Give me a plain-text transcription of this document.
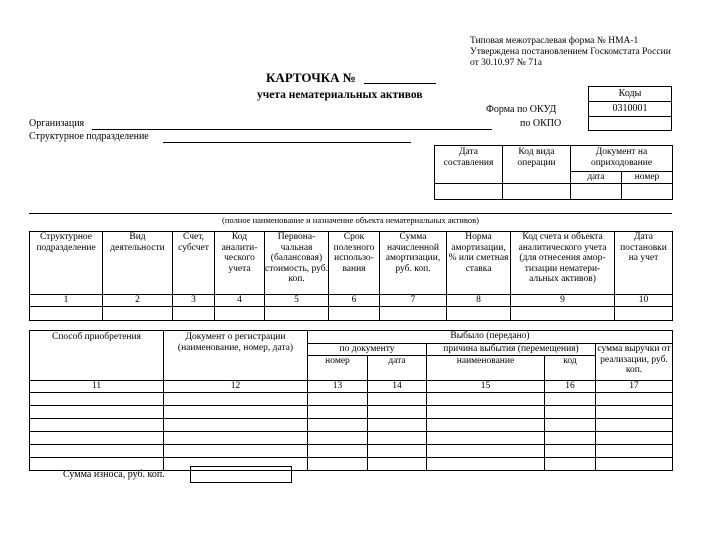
Типовая межотраслевая форма № НМА-1
Утверждена постановлением Госкомстата России
от 30.10.97 № 71а
КАРТОЧКА №
учета нематериальных активов	Коды
0310001
Форма по ОКУД
по ОКПО
Организация
Структурное подразделение
Дата составления	Код вида операции	Документ на оприходование	
		дата	номер

(полное наименование и назначение объекта нематериальных активов)
Структурное подразделение	Вид деятельности	Счет, субсчет	Код аналити-ческого учета	Первона-чальная (балансовая) стоимость, руб. коп.	Срок полезного использо-вания	Сумма начисленной амортизации, руб. коп.	Норма амортизации, % или сметная ставка	Код счета и объекта аналитического учета (для отнесения амор-тизации нематери-альных активов)	Дата постановки на учет
1	2	3	4	5	6	7	8	9	10

Способ приобретения	Документ о регистрации (наименование, номер, дата)	Выбыло (передано)				
		по документу		причина выбытия (перемещения)		сумма выручки от реализации, руб. коп.
		номер	дата	наименование	код	
11	12	13	14	15	16	17

Сумма износа, руб. коп.
